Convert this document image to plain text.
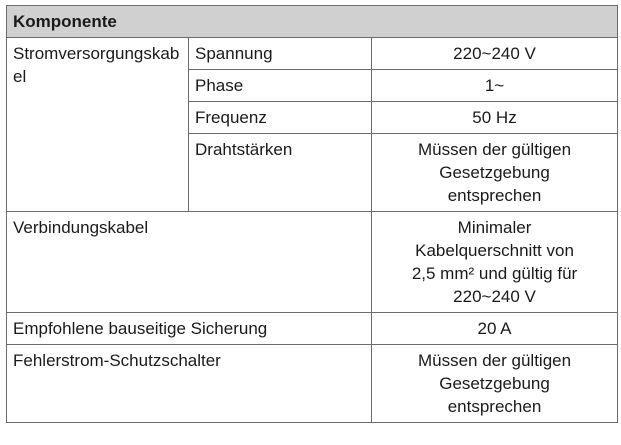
Komponente		
Stromversorgungskabel	Spannung	220~240 V

	Phase	1~

	Frequenz	50 Hz

	Drahtstärken	Müssen der gültigen
Gesetzgebung
entsprechen

Verbindungskabel		Minimaler
Kabelquerschnitt von
2,5 mm² und gültig für
220~240 V

Empfohlene bauseitige Sicherung		20 A

Fehlerstrom-Schutzschalter		Müssen der gültigen
Gesetzgebung
entsprechen
